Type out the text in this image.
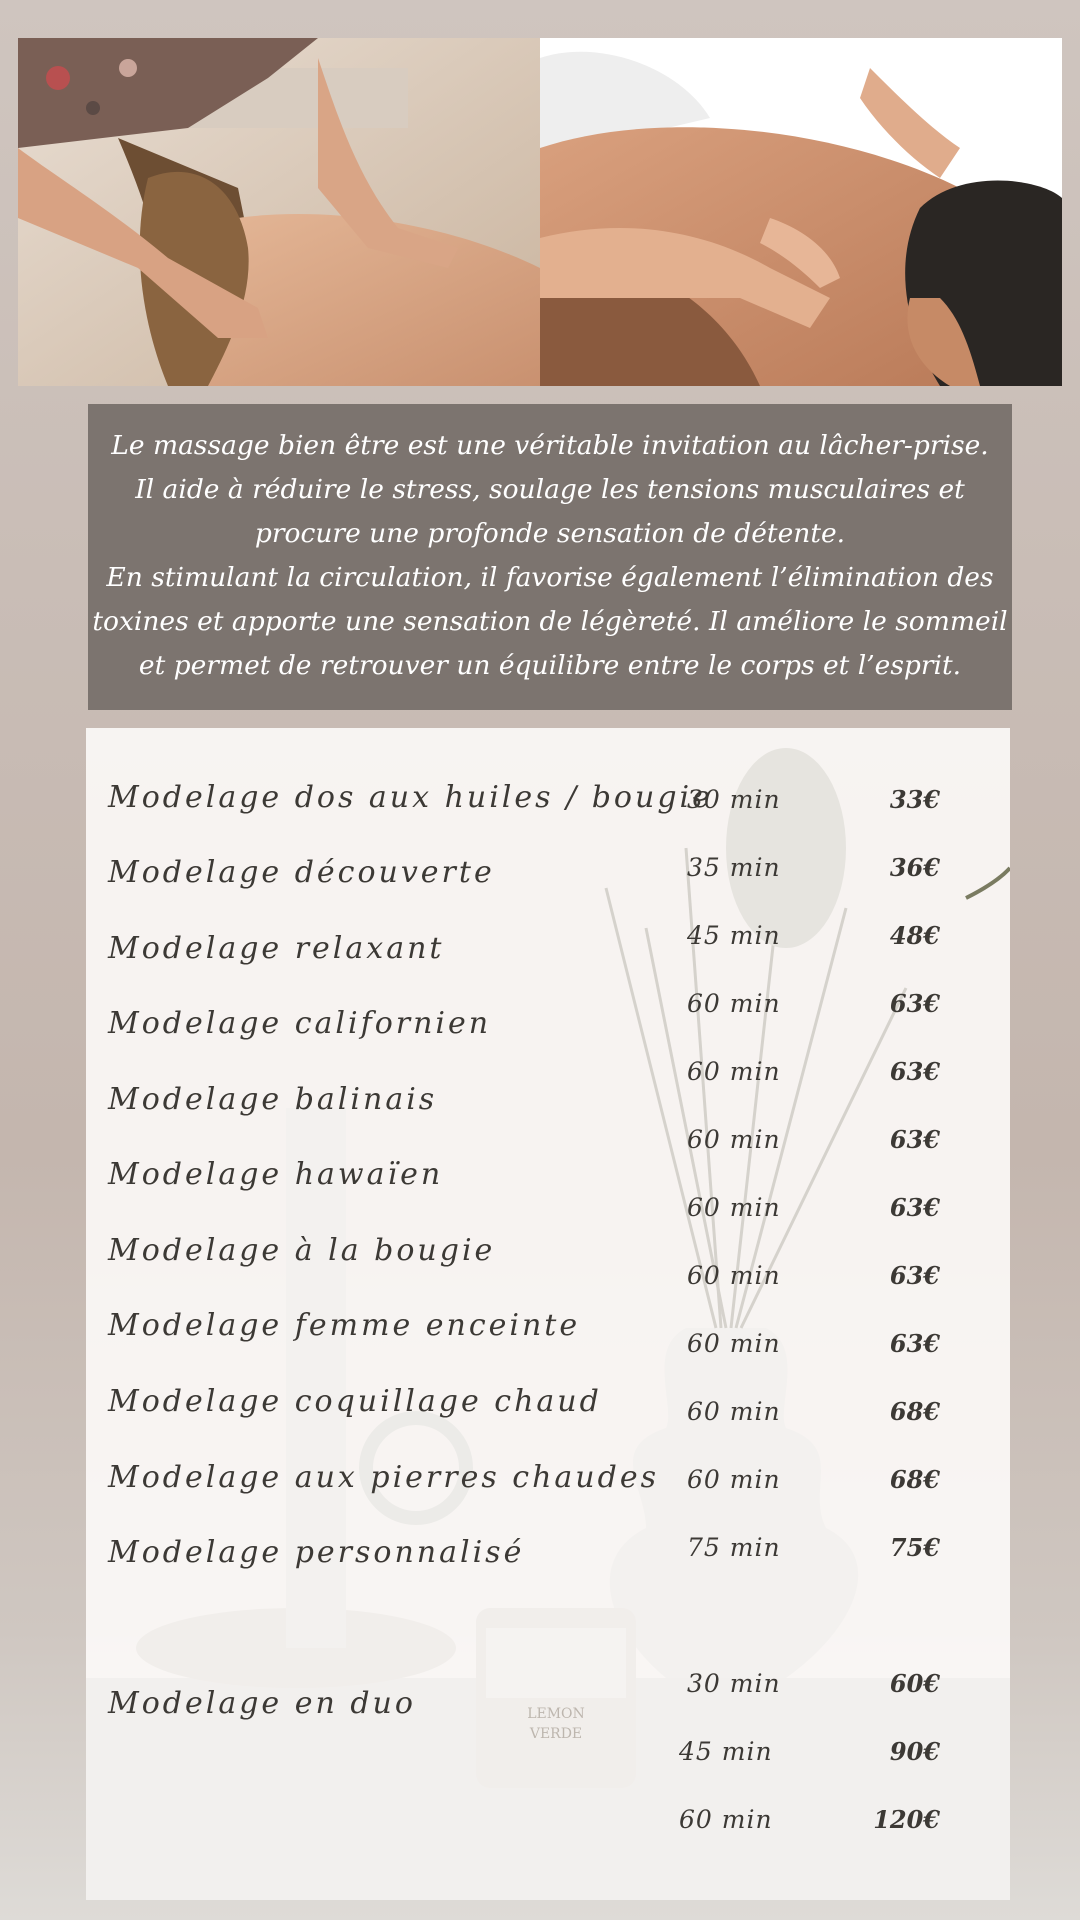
Le massage bien être est une véritable invitation au lâcher-prise.
Il aide à réduire le stress, soulage les tensions musculaires et
procure une profonde sensation de détente.
En stimulant la circulation, il favorise également l’élimination des
toxines et apporte une sensation de légèreté. Il améliore le sommeil
et permet de retrouver un équilibre entre le corps et l’esprit.
LEMON
VERDE
Modelage dos aux huiles / bougie
Modelage découverte
Modelage relaxant
Modelage californien
Modelage balinais
Modelage hawaïen
Modelage à la bougie
Modelage femme enceinte
Modelage coquillage chaud
Modelage aux pierres chaudes
Modelage personnalisé
Modelage en duo
30 min
35 min
45 min
60 min
60 min
60 min
60 min
60 min
60 min
60 min
60 min
75 min
30 min
45 min
60 min
33€
36€
48€
63€
63€
63€
63€
63€
63€
68€
68€
75€
60€
90€
120€
